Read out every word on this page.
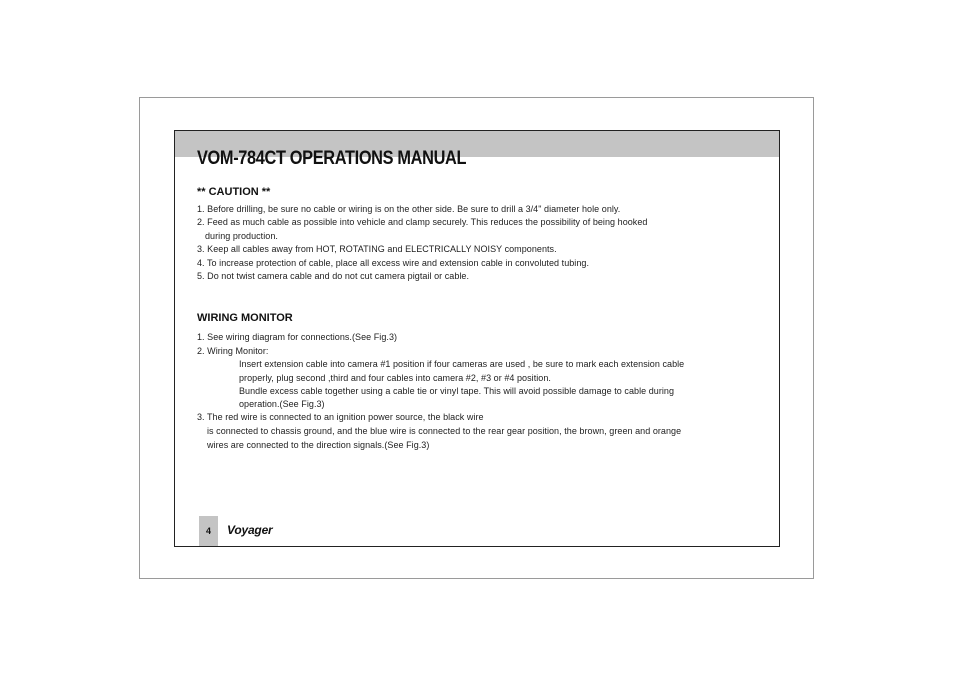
VOM-784CT OPERATIONS MANUAL
** CAUTION **

1. Before drilling, be sure no cable or wiring is on the other side. Be sure to drill a 3/4" diameter hole only.

2. Feed as much cable as possible into vehicle and clamp securely. This reduces the possibility of being hooked

during production.

3. Keep all cables away from HOT, ROTATING and ELECTRICALLY NOISY components.

4. To increase protection of cable, place all excess wire and extension cable in convoluted tubing.

5. Do not twist camera cable and do not cut camera pigtail or cable.

WIRING MONITOR

1. See wiring diagram for connections.(See Fig.3)

2. Wiring Monitor:

Insert extension cable into camera #1 position if four cameras are used , be sure to mark each extension cable

properly, plug second ,third and four cables into camera #2, #3 or #4 position.

Bundle excess cable together using a cable tie or vinyl tape. This will avoid possible damage to cable during

operation.(See Fig.3)

3. The red wire is connected to an ignition power source, the black wire

is connected to chassis ground, and the blue wire is connected to the rear gear position, the brown, green and orange

wires are connected to the direction signals.(See Fig.3)

4	Voyager
